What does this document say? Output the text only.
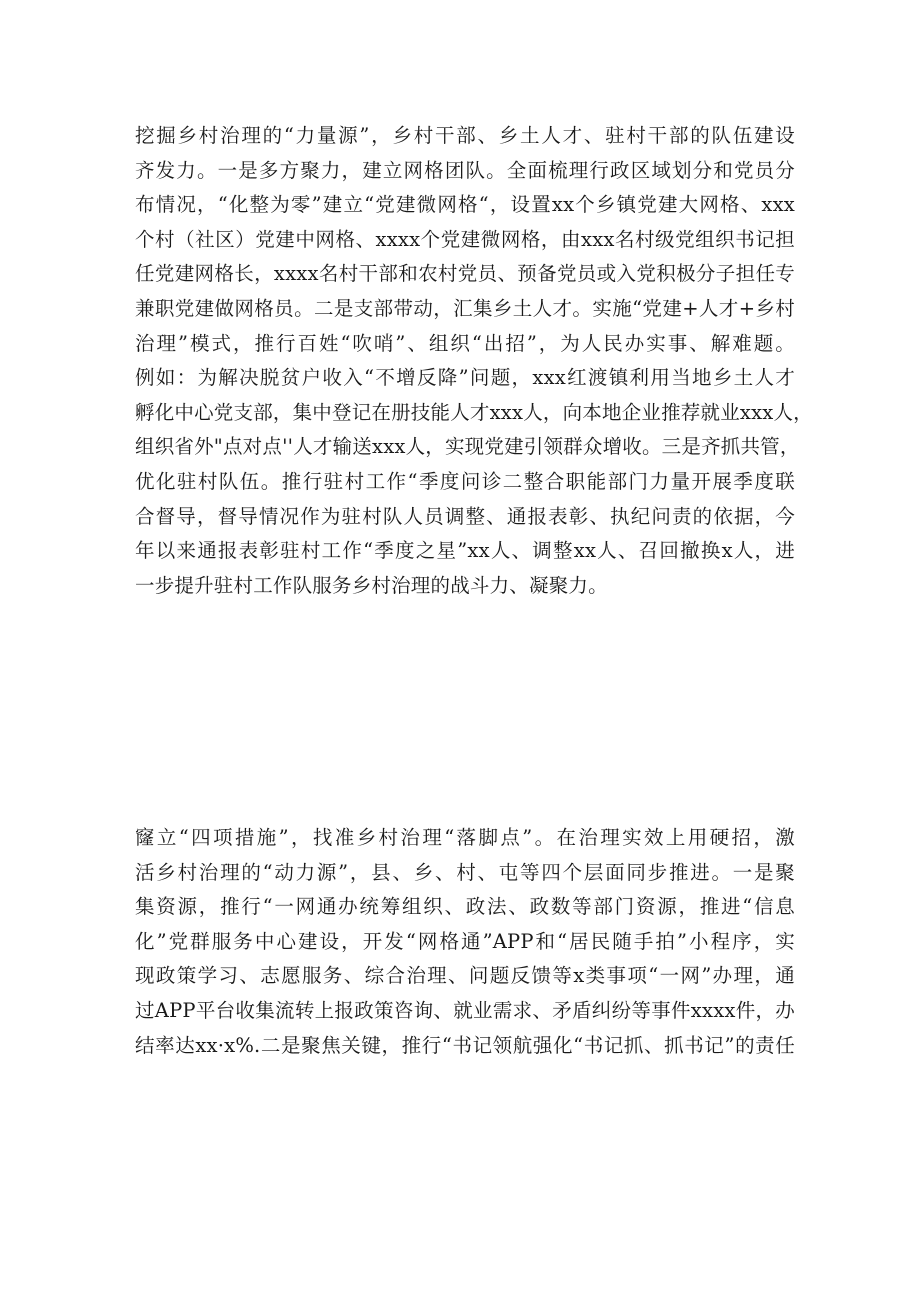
挖掘乡村治理的“力量源”，乡村干部、乡土人才、驻村干部的队伍建设
齐发力。一是多方聚力，建立网格团队。全面梳理行政区域划分和党员分
布情况，“化整为零”建立“党建微网格“，设置xx个乡镇党建大网格、xxx
个村（社区）党建中网格、xxxx个党建微网格，由xxx名村级党组织书记担
任党建网格长，xxxx名村干部和农村党员、预备党员或入党积极分子担任专
兼职党建做网格员。二是支部带动，汇集乡土人才。实施“党建+人才+乡村
治理”模式，推行百姓“吹哨”、组织“出招”，为人民办实事、解难题。
例如：为解决脱贫户收入“不增反降”问题，xxx红渡镇利用当地乡土人才
孵化中心党支部，集中登记在册技能人才xxx人，向本地企业推荐就业xxx人，
组织省外"点对点''人才输送xxx人，实现党建引领群众增收。三是齐抓共管，
优化驻村队伍。推行驻村工作“季度问诊二整合职能部门力量开展季度联
合督导，督导情况作为驻村队人员调整、通报表彰、执纪问责的依据，今
年以来通报表彰驻村工作“季度之星”xx人、调整xx人、召回撤换x人，进
一步提升驻村工作队服务乡村治理的战斗力、凝聚力。
窿立“四项措施”，找准乡村治理“落脚点”。在治理实效上用硬招，激
活乡村治理的“动力源”，县、乡、村、屯等四个层面同步推进。一是聚
集资源，推行“一网通办统筹组织、政法、政数等部门资源，推进“信息
化”党群服务中心建设，开发“网格通”APP和“居民随手拍”小程序，实
现政策学习、志愿服务、综合治理、问题反馈等x类事项“一网”办理，通
过APP平台收集流转上报政策咨询、就业需求、矛盾纠纷等事件xxxx件，办
结率达xx·x%.二是聚焦关键，推行“书记领航强化“书记抓、抓书记”的责任
